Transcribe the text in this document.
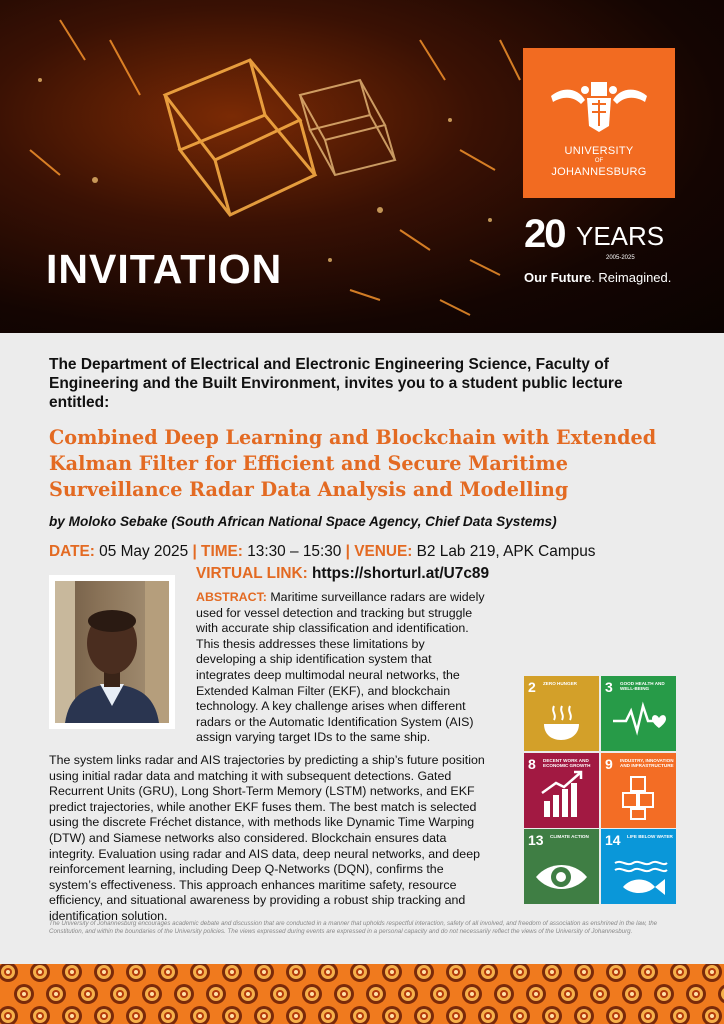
INVITATION
UNIVERSITY
OF
JOHANNESBURG
20 YEARS
2005-2025
Our Future. Reimagined.

The Department of Electrical and Electronic Engineering Science, Faculty of Engineering and the Built Environment, invites you to a student public lecture entitled:

Combined Deep Learning and Blockchain with Extended Kalman Filter for Efficient and Secure Maritime Surveillance Radar Data Analysis and Modelling

by Moloko Sebake (South African National Space Agency, Chief Data Systems)

DATE: 05 May 2025 | TIME: 13:30 – 15:30 | VENUE: B2 Lab 219, APK Campus
VIRTUAL LINK: https://shorturl.at/U7c89

ABSTRACT: Maritime surveillance radars are widely used for vessel detection and tracking but struggle with accurate ship classification and identification. This thesis addresses these limitations by developing a ship identification system that integrates deep multimodal neural networks, the Extended Kalman Filter (EKF), and blockchain technology. A key challenge arises when different radars or the Automatic Identification System (AIS) assign varying target IDs to the same ship.

The system links radar and AIS trajectories by predicting a ship’s future position using initial radar data and matching it with subsequent detections. Gated Recurrent Units (GRU), Long Short-Term Memory (LSTM) networks, and EKF predict trajectories, while another EKF fuses them. The best match is selected using the discrete Fréchet distance, with methods like Dynamic Time Warping (DTW) and Siamese networks also considered. Blockchain ensures data integrity. Evaluation using radar and AIS data, deep neural networks, and deep reinforcement learning, including Deep Q-Networks (DQN), confirms the system’s effectiveness. This approach enhances maritime safety, resource efficiency, and situational awareness by providing a robust ship tracking and identification solution.

2 ZERO HUNGER	3 GOOD HEALTH AND WELL-BEING
8 DECENT WORK AND ECONOMIC GROWTH	9 INDUSTRY, INNOVATION AND INFRASTRUCTURE
13 CLIMATE ACTION	14 LIFE BELOW WATER

The University of Johannesburg encourages academic debate and discussion that are conducted in a manner that upholds respectful interaction, safety of all involved, and freedom of association as enshrined in the law, the Constitution, and within the boundaries of the University policies. The views expressed during events are expressed in a personal capacity and do not necessarily reflect the views of the University of Johannesburg.
